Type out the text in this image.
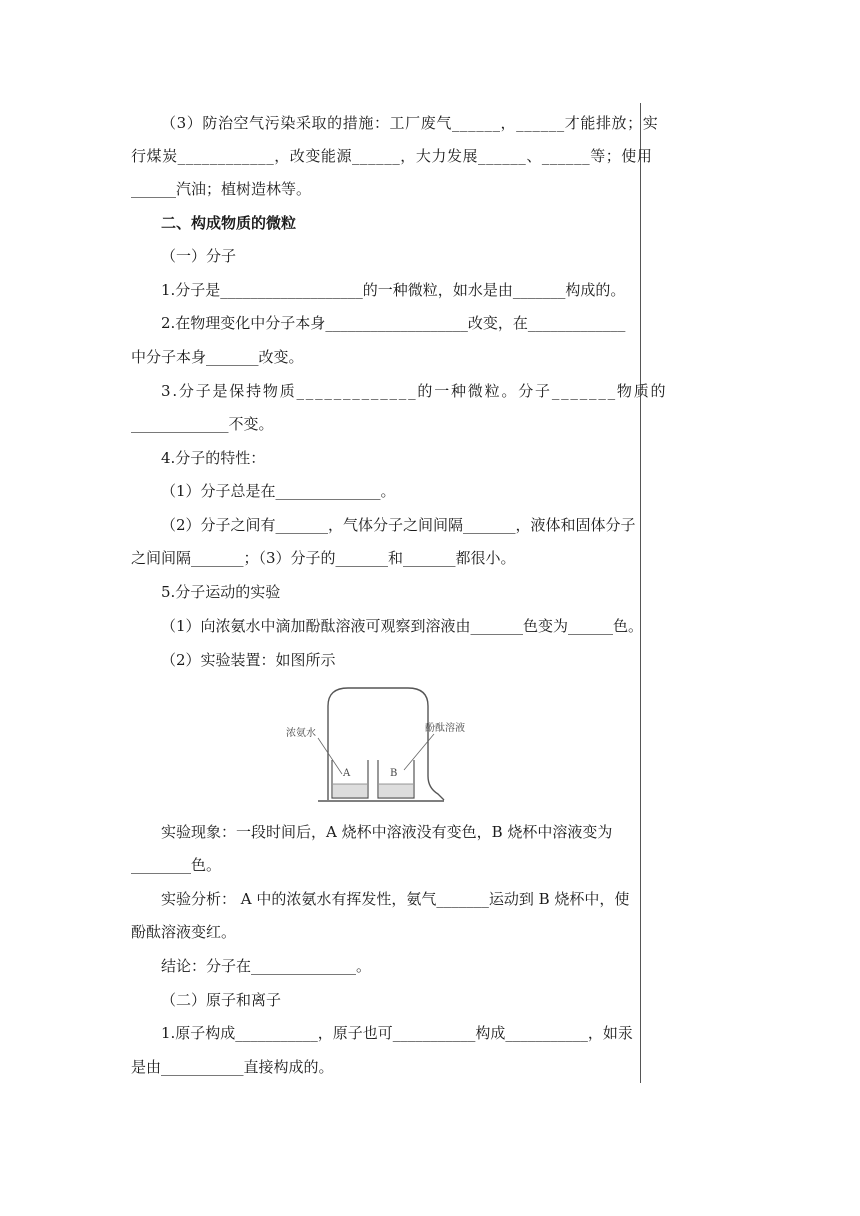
（3）防治空气污染采取的措施：工厂废气______，______才能排放；实
行煤炭____________，改变能源______，大力发展______、______等；使用
______汽油；植树造林等。
二、构成物质的微粒
（一）分子
1.分子是___________________的一种微粒，如水是由_______构成的。
2.在物理变化中分子本身___________________改变，在_____________
中分子本身_______改变。
3.分子是保持物质_____________的一种微粒。分子_______物质的
_____________不变。
4.分子的特性：
（1）分子总是在______________。
（2）分子之间有_______，气体分子之间间隔_______，液体和固体分子
之间间隔_______；（3）分子的_______和_______都很小。
5.分子运动的实验
（1）向浓氨水中滴加酚酞溶液可观察到溶液由_______色变为______色。
（2）实验装置：如图所示
浓氨水	酚酞溶液
A	B
实验现象：一段时间后，A 烧杯中溶液没有变色，B 烧杯中溶液变为
________色。
实验分析： A 中的浓氨水有挥发性，氨气_______运动到 B 烧杯中，使
酚酞溶液变红。
结论：分子在______________。
（二）原子和离子
1.原子构成___________，原子也可___________构成___________，如汞
是由___________直接构成的。
